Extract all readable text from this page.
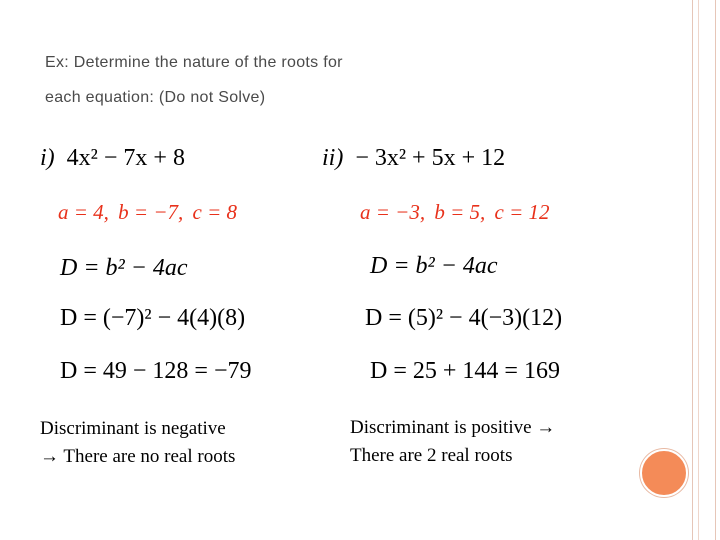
Ex: Determine the nature of the roots for
each equation: (Do not Solve)
i) 4x² − 7x + 8
a = 4, b = −7, c = 8
D = b² − 4ac
D = (−7)² − 4(4)(8)
D = 49 − 128 = −79
Discriminant is negative
→ There are no real roots
ii) − 3x² + 5x + 12
a = −3, b = 5, c = 12
D = b² − 4ac
D = (5)² − 4(−3)(12)
D = 25 + 144 = 169
Discriminant is positive →
There are 2 real roots
